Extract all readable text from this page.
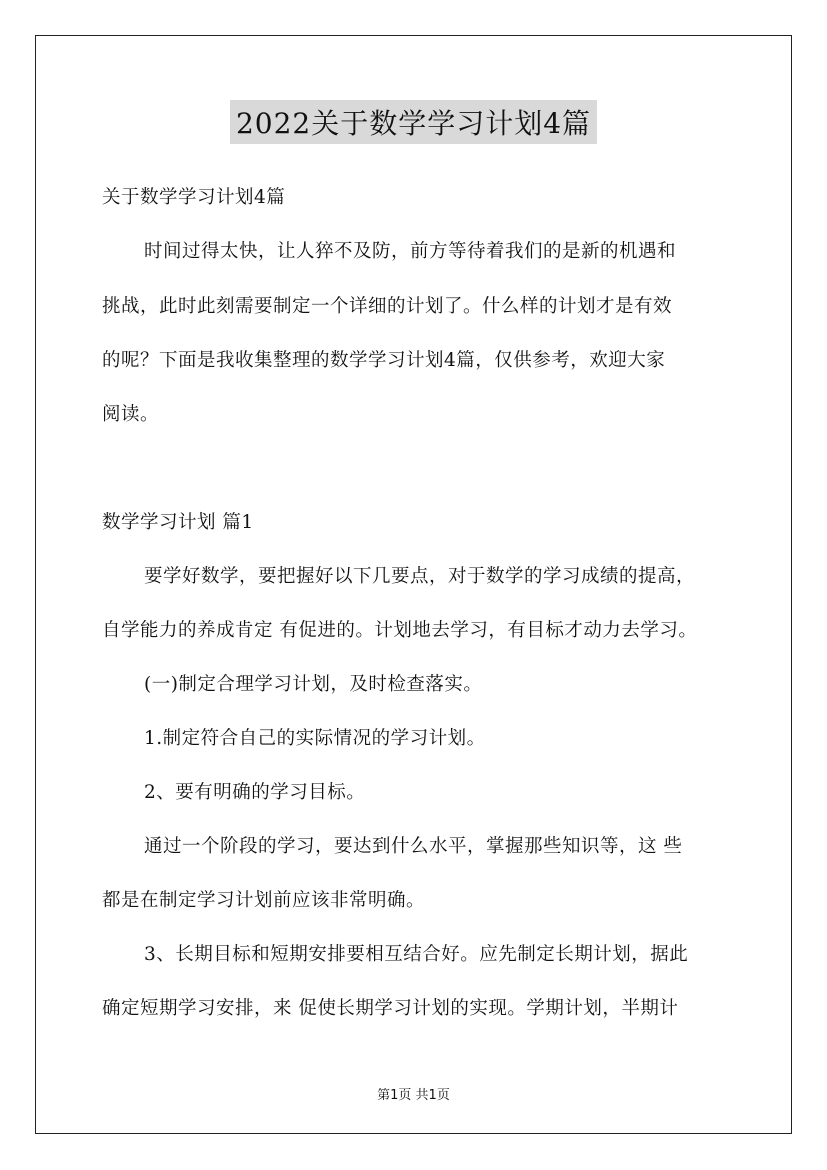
2022关于数学学习计划4篇
关于数学学习计划4篇
时间过得太快，让人猝不及防，前方等待着我们的是新的机遇和
挑战，此时此刻需要制定一个详细的计划了。什么样的计划才是有效
的呢？下面是我收集整理的数学学习计划4篇，仅供参考，欢迎大家
阅读。
数学学习计划 篇1
要学好数学，要把握好以下几要点，对于数学的学习成绩的提高，
自学能力的养成肯定 有促进的。计划地去学习，有目标才动力去学习。
(一)制定合理学习计划，及时检查落实。
1.制定符合自己的实际情况的学习计划。
2、要有明确的学习目标。
通过一个阶段的学习，要达到什么水平，掌握那些知识等，这 些
都是在制定学习计划前应该非常明确。
3、长期目标和短期安排要相互结合好。应先制定长期计划，据此
确定短期学习安排，来 促使长期学习计划的实现。学期计划，半期计
第1页 共1页
